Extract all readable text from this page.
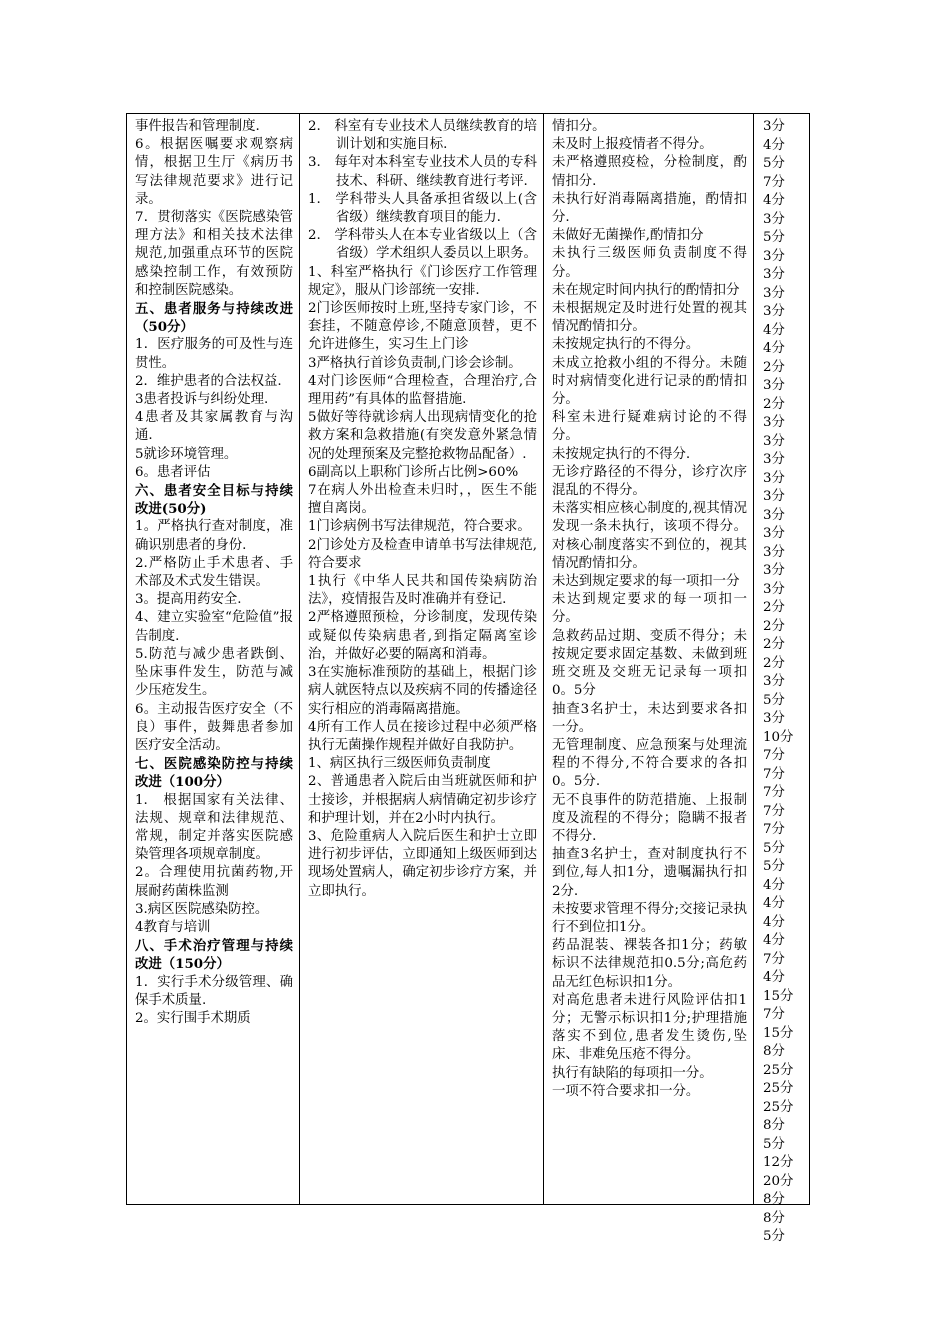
事件报告和管理制度.

6。根据医嘱要求观察病情，根据卫生厅《病历书写法律规范要求》进行记录。

7．贯彻落实《医院感染管理方法》和相关技术法律规范,加强重点环节的医院感染控制工作，有效预防和控制医院感染。

五、患者服务与持续改进（50分）

1．医疗服务的可及性与连贯性。

2．维护患者的合法权益.

3患者投诉与纠纷处理.

4患者及其家属教育与沟通.

5就诊环境管理。

6。患者评估

六、患者安全目标与持续改进(50分)

1。严格执行查对制度，准确识别患者的身份.

2.严格防止手术患者、手术部及术式发生错误。

3。提高用药安全.

4、建立实验室“危险值”报告制度.

5.防范与减少患者跌倒、坠床事件发生，防范与减少压疮发生。

6。主动报告医疗安全（不良）事件，鼓舞患者参加医疗安全活动。

七、医院感染防控与持续改进（100分）

1.　根据国家有关法律、法规、规章和法律规范、常规，制定并落实医院感染管理各项规章制度。

2。合理使用抗菌药物,开展耐药菌株监测

3.病区医院感染防控。

4教育与培训

八、手术治疗管理与持续改进（150分）

1．实行手术分级管理、确保手术质量.

2。实行围手术期质

2.　科室有专业技术人员继续教育的培训计划和实施目标.

3.　每年对本科室专业技术人员的专科技术、科研、继续教育进行考评.

1.　学科带头人具备承担省级以上(含省级）继续教育项目的能力.

2.　学科带头人在本专业省级以上（含省级）学术组织人委员以上职务。

1、科室严格执行《门诊医疗工作管理规定》，服从门诊部统一安排.

2门诊医师按时上班,坚持专家门诊，不套挂，不随意停诊,不随意顶替，更不允许进修生，实习生上门诊

3严格执行首诊负责制,门诊会诊制。

4对门诊医师“合理检查，合理治疗,合理用药”有具体的监督措施.

5做好等待就诊病人出现病情变化的抢救方案和急救措施(有突发意外紧急情况的处理预案及完整抢救物品配备）.

6副高以上职称门诊所占比例>60%

7在病人外出检查未归时，，医生不能擅自离岗。

1门诊病例书写法律规范，符合要求。

2门诊处方及检查申请单书写法律规范,符合要求

1执行《中华人民共和国传染病防治法》，疫情报告及时准确并有登记.

2严格遵照预检，分诊制度，发现传染或疑似传染病患者,到指定隔离室诊治，并做好必要的隔离和消毒。

3在实施标准预防的基础上，根据门诊病人就医特点以及疾病不同的传播途径实行相应的消毒隔离措施。

4所有工作人员在接诊过程中必须严格执行无菌操作规程并做好自我防护。

1、病区执行三级医师负责制度

2、普通患者入院后由当班就医师和护士接诊，并根据病人病情确定初步诊疗和护理计划，并在2小时内执行。

3、危险重病人入院后医生和护士立即进行初步评估，立即通知上级医师到达现场处置病人，确定初步诊疗方案，并立即执行。

情扣分。

未及时上报疫情者不得分。

未严格遵照疫检，分检制度，酌情扣分.

未执行好消毒隔离措施，酌情扣分.

未做好无菌操作,酌情扣分

未执行三级医师负责制度不得分。

未在规定时间内执行的酌情扣分

未根据规定及时进行处置的视其情况酌情扣分。

未按规定执行的不得分。

未成立抢救小组的不得分。未随时对病情变化进行记录的酌情扣分。

科室未进行疑难病讨论的不得分。

未按规定执行的不得分.

无诊疗路径的不得分，诊疗次序混乱的不得分。

未落实相应核心制度的,视其情况发现一条未执行，该项不得分。对核心制度落实不到位的，视其情况酌情扣分。

未达到规定要求的每一项扣一分

未达到规定要求的每一项扣一分。

急救药品过期、变质不得分；未按规定要求固定基数、未做到班班交班及交班无记录每一项扣0。5分

抽查3名护士，未达到要求各扣一分。

无管理制度、应急预案与处理流程的不得分,不符合要求的各扣0。5分.

无不良事件的防范措施、上报制度及流程的不得分；隐瞒不报者不得分.

抽查3名护士，查对制度执行不到位,每人扣1分，遗嘱漏执行扣2分.

未按要求管理不得分;交接记录执行不到位扣1分。

药品混装、裸装各扣1分；药敏标识不法律规范扣0.5分;高危药品无红色标识扣1分。

对高危患者未进行风险评估扣1分；无警示标识扣1分;护理措施落实不到位,患者发生烫伤,坠床、非难免压疮不得分。

执行有缺陷的每项扣一分。

一项不符合要求扣一分。

3分
4分
5分
7分
4分
3分
5分
3分
3分
3分
3分
4分
4分
2分
3分
2分
3分
3分
3分
3分
3分
3分
3分
3分
3分
3分
2分
2分
2分
2分
3分
5分
3分
10分
7分
7分
7分
7分
7分
5分
5分
4分
4分
4分
4分
7分
4分
15分
7分
15分
8分
25分
25分
25分
8分
5分
12分
20分
8分
8分
5分
